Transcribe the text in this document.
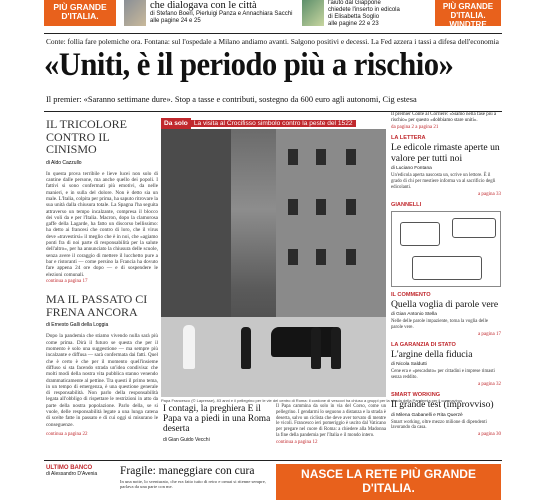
PIÙ GRANDE D'ITALIA.
che dialogava con le città
di Stefano Boeri, Pierluigi Panza e Annachiara Sacchi
alle pagine 24 e 25
l'aiuto dal Giappone
chiedete l'inserto in edicola
di Elisabetta Soglio
alle pagine 22 e 23
PIÙ GRANDE D'ITALIA.
WINDTRE
Conte: follia fare polemiche ora. Fontana: sul l'ospedale a Milano andiamo avanti. Salgono positivi e decessi. La Fed azzera i tassi a difesa dell'economia
«Uniti, è il periodo più a rischio»
Il premier: «Saranno settimane dure». Stop a tasse e contributi, sostegno da 600 euro agli autonomi, Cig estesa
IL TRICOLORE CONTRO IL CINISMO
di Aldo Cazzullo
In questa prova terribile e lieve lucei non solo di cantine dalle persone, ma anche quello dei popoli. I fattivi si sono confermati più emotivi, da nelle manieri, e in sulla del dolore. Non è detto sia un male. L'Italia, colpita per prima, ha saputo ritrovare la sua unità dalla chiusura totale. La Spagna l'ha seguita attraverso un tempo incalzante, compresa il blocco dei voli da e per l'Italia. Macron, dopo la clamorosa gaffe della Lagarde, ha fatto un discorso bellissimo: ha detto ai francesi che contro di loro, che il virus deve «travestirsi» il meglio che è in noi, che «agiamo ponti fra di noi parte di responsabilità per la salute dell'altro», per ha annunciato la chiusura delle scuole, senza avere il coraggio di mettere il lucchetto pure a bar e ristoranti — come persino la Francia ha dovuto fare appena 24 ore dopo — e di sospendere le elezioni comunali.
continua a pagina 17
MA IL PASSATO CI FRENA ANCORA
di Ernesto Galli della Loggia
Dopo la pandemia che stiamo vivendo nulla sarà più come prima. Dirà il futuro se questa che per il momento è solo una suggestione — ma sempre più incalzante e diffusa — sarà confermata dai fatti. Quel che è certo è che per il momento quell'insieme diffuso si sta facendo strada un'idea condivisa: che molti modi della nostra vita pubblica stanno venendo drammaticamente al pettine. Tra questi il primo tema, in un tempo di emergenza, è una questione generale di responsabilità. Non parlo della responsabilità legata all'obbligo di rispettare le restrizioni in atto da parte della nostra popolazione. Parlo della, se si vuole, delle responsabilità legate a una lunga catena di scelte fatte in passato e di cui oggi si misurano le conseguenze.
continua a pagina 22
Da solo La visita al Crocifisso simbolo contro la peste del 1522
Papa Francesco (© Lapresse), 83 anni e il pellegrino per le vie del centro di Roma: il cordone di vescovi ha chiuso a gruppi per la strada della Pandemia per il coronavirus
I contagi, la preghiera E il Papa va a piedi in una Roma deserta
di Gian Guido Vecchi
Il Papa cammina da solo in via del Corso, come un pellegrino. I gendarmi lo seguono a distanza e la strada è deserta, salvo un ciclista che deve aver torvato di mentre le vicoli. Francesco ieri pomeriggio è uscito dal Vaticano per pregare nel cuore di Roma: a chiedere alla Madonna la fine della pandemia per l'Italia e il mondo intero.
continua a pagina 12
Il premier Conte al Corriere: «Siamo nella fase più a rischio» per questo «dobbiamo stare uniti».
da pagina 2 a pagina 21
LA LETTERA
Le edicole rimaste aperte un valore per tutti noi
di Luciano Fontana
Un'edicola aperta nascosta un, scrive un lettore. È il grado di chi per mestiere informa va al sacrificio degli edicolanti.
a pagina 33
GIANNELLI
IL COMMENTO
Quella voglia di parole vere
di Gian Antonio Stella
Nelle delle parole impaziente, torna la voglia delle parole vere.
a pagina 17
LA GARANZIA DI STATO
L'argine della fiducia
di Nicola Saldutti
Cene era e «pescaduto» per cittadini e imprese rimasti senza reddito.
a pagina 32
SMART WORKING
Il grande test (improvviso)
di Milena Gabanelli e Rita Querzè
Smart working, oltre mezzo milione di dipendenti lavorando da casa.
a pagina 30
ULTIMO BANCO
di Alessandro D'Avenia	Fragile: maneggiare con cura
In una notte, lo sventurato, che era fatto tutto di retro e ormai si ritenne sempre, parlava da una parte con me.
NASCE LA RETE PIÙ GRANDE D'ITALIA.
